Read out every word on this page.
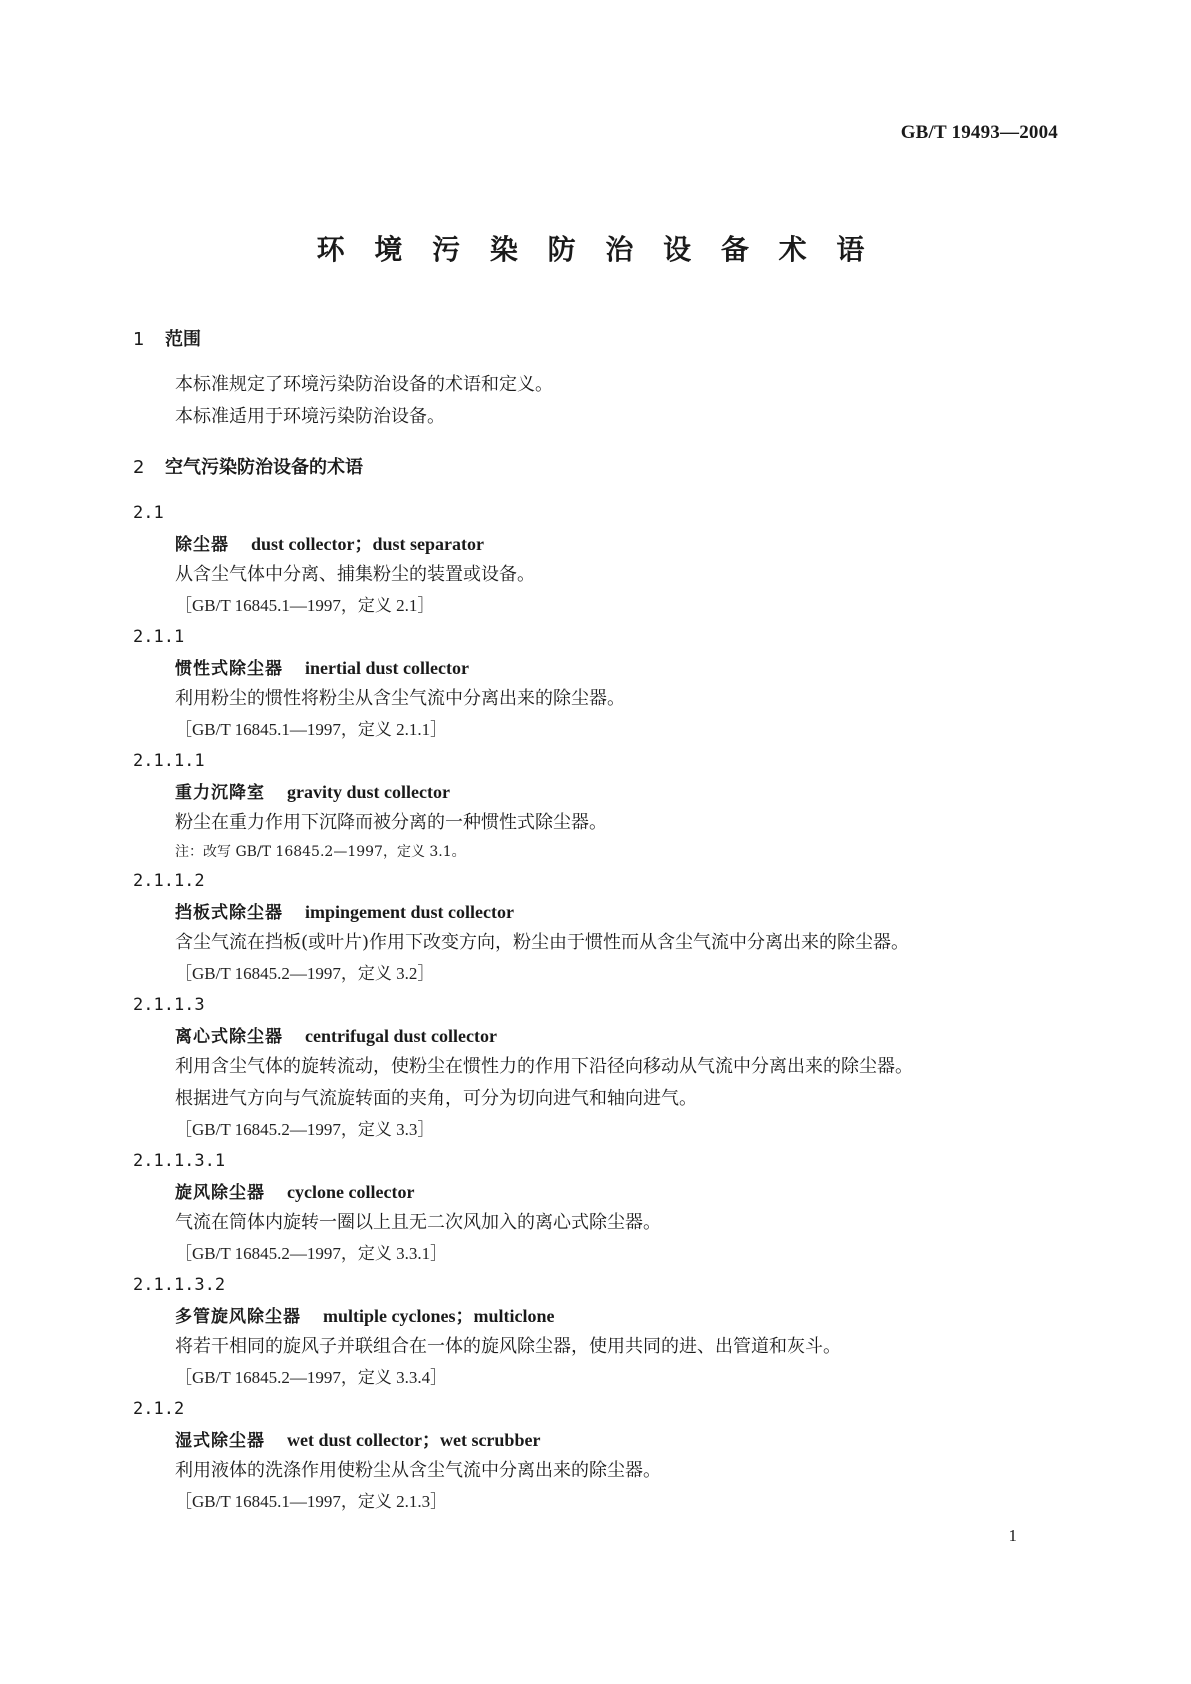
GB/T 19493—2004
环 境 污 染 防 治 设 备 术 语
1 范围
本标准规定了环境污染防治设备的术语和定义。
本标准适用于环境污染防治设备。
2 空气污染防治设备的术语
2.1
除尘器 dust collector；dust separator
从含尘气体中分离、捕集粉尘的装置或设备。
［GB/T 16845.1—1997，定义 2.1］
2.1.1
惯性式除尘器 inertial dust collector
利用粉尘的惯性将粉尘从含尘气流中分离出来的除尘器。
［GB/T 16845.1—1997，定义 2.1.1］
2.1.1.1
重力沉降室 gravity dust collector
粉尘在重力作用下沉降而被分离的一种惯性式除尘器。
注：改写 GB/T 16845.2—1997，定义 3.1。
2.1.1.2
挡板式除尘器 impingement dust collector
含尘气流在挡板(或叶片)作用下改变方向，粉尘由于惯性而从含尘气流中分离出来的除尘器。
［GB/T 16845.2—1997，定义 3.2］
2.1.1.3
离心式除尘器 centrifugal dust collector
利用含尘气体的旋转流动，使粉尘在惯性力的作用下沿径向移动从气流中分离出来的除尘器。
根据进气方向与气流旋转面的夹角，可分为切向进气和轴向进气。
［GB/T 16845.2—1997，定义 3.3］
2.1.1.3.1
旋风除尘器 cyclone collector
气流在筒体内旋转一圈以上且无二次风加入的离心式除尘器。
［GB/T 16845.2—1997，定义 3.3.1］
2.1.1.3.2
多管旋风除尘器 multiple cyclones；multiclone
将若干相同的旋风子并联组合在一体的旋风除尘器，使用共同的进、出管道和灰斗。
［GB/T 16845.2—1997，定义 3.3.4］
2.1.2
湿式除尘器 wet dust collector；wet scrubber
利用液体的洗涤作用使粉尘从含尘气流中分离出来的除尘器。
［GB/T 16845.1—1997，定义 2.1.3］
1
